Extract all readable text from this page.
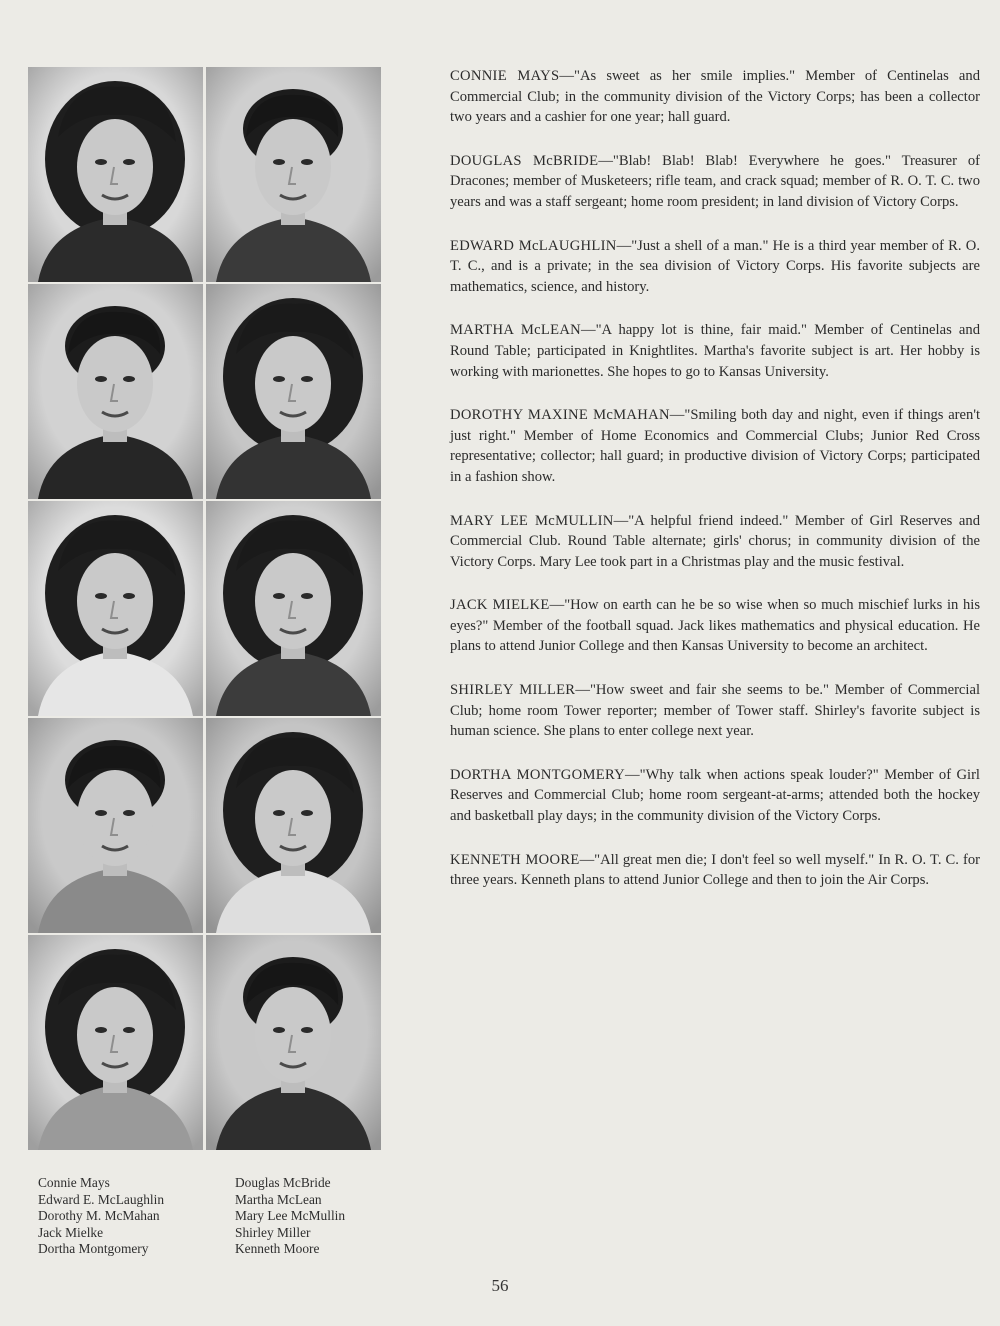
Connie Mays
Edward E. McLaughlin
Dorothy M. McMahan
Jack Mielke
Dortha Montgomery
Douglas McBride
Martha McLean
Mary Lee McMullin
Shirley Miller
Kenneth Moore

CONNIE MAYS—"As sweet as her smile implies." Member of Centinelas and Commercial Club; in the community division of the Victory Corps; has been a collector two years and a cashier for one year; hall guard.

DOUGLAS McBRIDE—"Blab! Blab! Blab! Everywhere he goes." Treasurer of Dracones; member of Musketeers; rifle team, and crack squad; member of R. O. T. C. two years and was a staff sergeant; home room president; in land division of Victory Corps.

EDWARD McLAUGHLIN—"Just a shell of a man." He is a third year member of R. O. T. C., and is a private; in the sea division of Victory Corps. His favorite subjects are mathematics, science, and history.

MARTHA McLEAN—"A happy lot is thine, fair maid." Member of Centinelas and Round Table; participated in Knightlites. Martha's favorite subject is art. Her hobby is working with marionettes. She hopes to go to Kansas University.

DOROTHY MAXINE McMAHAN—"Smiling both day and night, even if things aren't just right." Member of Home Economics and Commercial Clubs; Junior Red Cross representative; collector; hall guard; in productive division of Victory Corps; participated in a fashion show.

MARY LEE McMULLIN—"A helpful friend indeed." Member of Girl Reserves and Commercial Club. Round Table alternate; girls' chorus; in community division of the Victory Corps. Mary Lee took part in a Christmas play and the music festival.

JACK MIELKE—"How on earth can he be so wise when so much mischief lurks in his eyes?" Member of the football squad. Jack likes mathematics and physical education. He plans to attend Junior College and then Kansas University to become an architect.

SHIRLEY MILLER—"How sweet and fair she seems to be." Member of Commercial Club; home room Tower reporter; member of Tower staff. Shirley's favorite subject is human science. She plans to enter college next year.

DORTHA MONTGOMERY—"Why talk when actions speak louder?" Member of Girl Reserves and Commercial Club; home room sergeant-at-arms; attended both the hockey and basketball play days; in the community division of the Victory Corps.

KENNETH MOORE—"All great men die; I don't feel so well myself." In R. O. T. C. for three years. Kenneth plans to attend Junior College and then to join the Air Corps.

56
